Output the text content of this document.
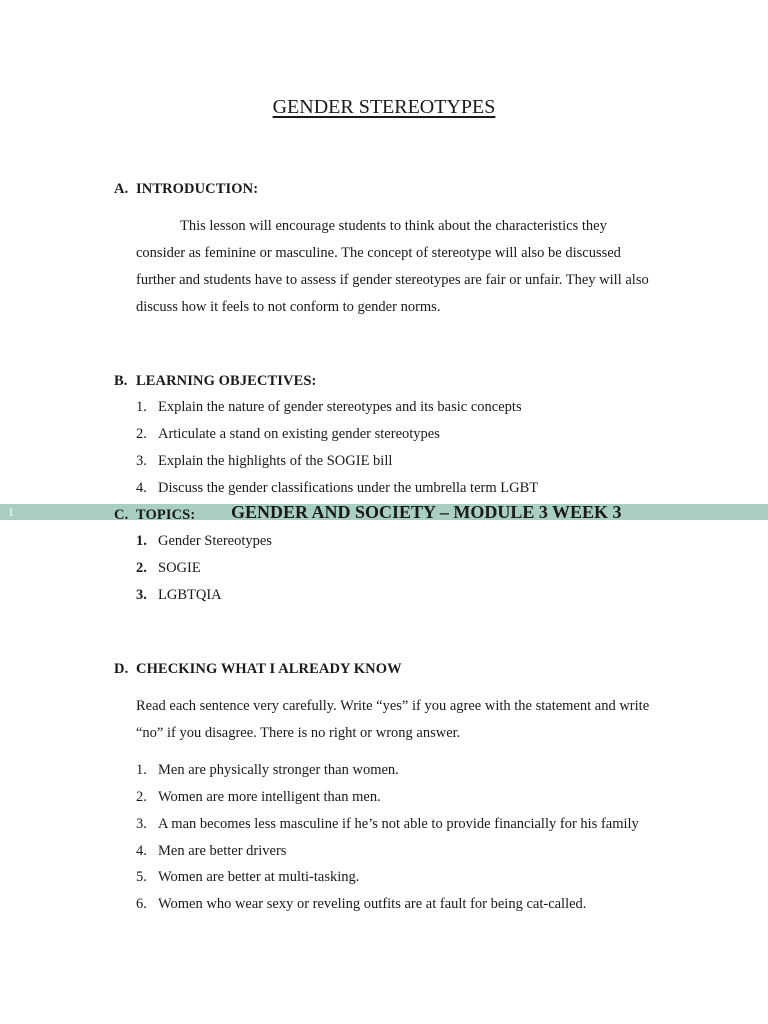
GENDER STEREOTYPES
A. INTRODUCTION:
This lesson will encourage students to think about the characteristics they
consider as feminine or masculine. The concept of stereotype will also be discussed
further and students have to assess if gender stereotypes are fair or unfair. They will also
discuss how it feels to not conform to gender norms.
B. LEARNING OBJECTIVES:
1. Explain the nature of gender stereotypes and its basic concepts
2. Articulate a stand on existing gender stereotypes
3. Explain the highlights of the SOGIE bill
4. Discuss the gender classifications under the umbrella term LGBT
1	C. TOPICS: GENDER AND SOCIETY – MODULE 3 WEEK 3
1. Gender Stereotypes
2. SOGIE
3. LGBTQIA
D. CHECKING WHAT I ALREADY KNOW
Read each sentence very carefully. Write “yes” if you agree with the statement and write
“no” if you disagree. There is no right or wrong answer.
1. Men are physically stronger than women.
2. Women are more intelligent than men.
3. A man becomes less masculine if he’s not able to provide financially for his family
4. Men are better drivers
5. Women are better at multi-tasking.
6. Women who wear sexy or reveling outfits are at fault for being cat-called.
